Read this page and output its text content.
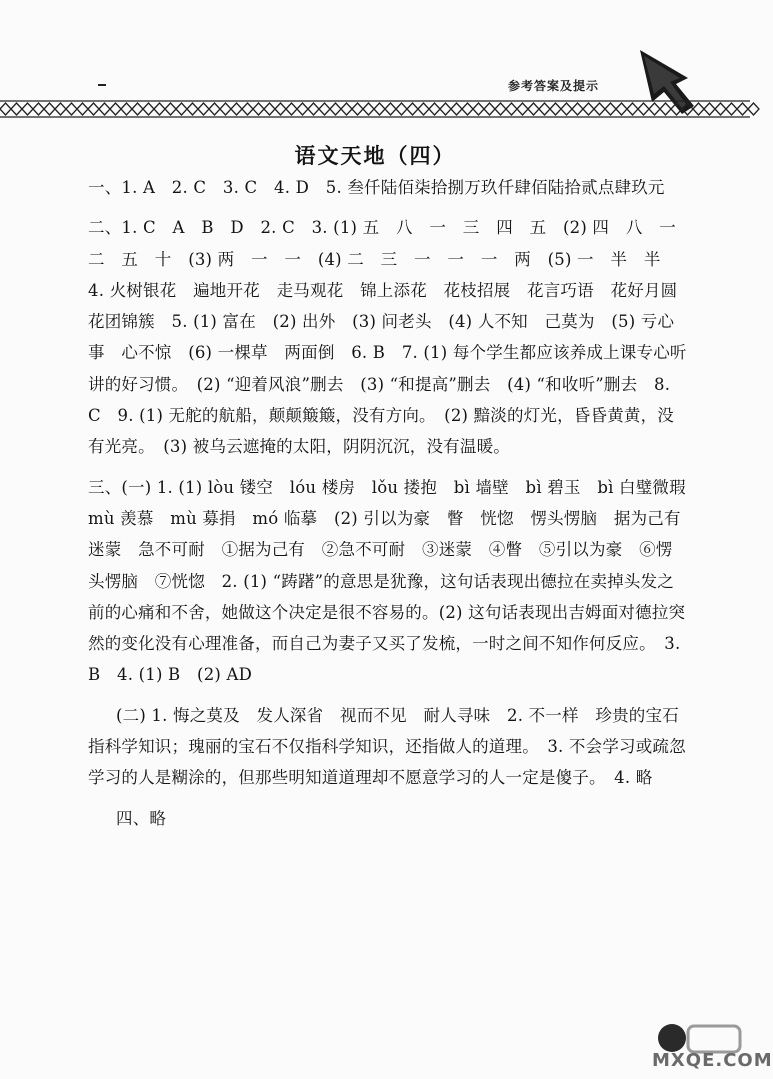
参考答案及提示
语文天地（四）

一、1. A　2. C　3. C　4. D　5. 叁仟陆佰柒拾捌万玖仟肆佰陆拾贰点肆玖元

二、1. C　A　B　D　2. C　3. (1) 五　八　一　三　四　五　(2) 四　八　一　二　五　十　(3) 两　一　一　(4) 二　三　一　一　一　两　(5) 一　半　半　4. 火树银花　遍地开花　走马观花　锦上添花　花枝招展　花言巧语　花好月圆　花团锦簇　5. (1) 富在　(2) 出外　(3) 问老头　(4) 人不知　己莫为　(5) 亏心事　心不惊　(6) 一棵草　两面倒　6. B　7. (1) 每个学生都应该养成上课专心听讲的好习惯。　(2) “迎着风浪”删去　(3) “和提高”删去　(4) “和收听”删去　8. C　9. (1) 无舵的航船，颠颠簸簸，没有方向。　(2) 黯淡的灯光，昏昏黄黄，没有光亮。　(3) 被乌云遮掩的太阳，阴阴沉沉，没有温暖。

三、(一) 1. (1) lòu 镂空　lóu 楼房　lǒu 搂抱　bì 墙壁　bì 碧玉　bì 白璧微瑕　mù 羡慕　mù 募捐　mó 临摹　(2) 引以为豪　瞥　恍惚　愣头愣脑　据为己有　迷蒙　急不可耐　①据为己有　②急不可耐　③迷蒙　④瞥　⑤引以为豪　⑥愣头愣脑　⑦恍惚　2. (1) “踌躇”的意思是犹豫，这句话表现出德拉在卖掉头发之前的心痛和不舍，她做这个决定是很不容易的。(2) 这句话表现出吉姆面对德拉突然的变化没有心理准备，而自己为妻子又买了发梳，一时之间不知作何反应。　3. B　4. (1) B　(2) AD

(二) 1. 悔之莫及　发人深省　视而不见　耐人寻味　2. 不一样　珍贵的宝石指科学知识；瑰丽的宝石不仅指科学知识，还指做人的道理。　3. 不会学习或疏忽学习的人是糊涂的，但那些明知道道理却不愿意学习的人一定是傻子。　4. 略

四、略

MXQE.COM
